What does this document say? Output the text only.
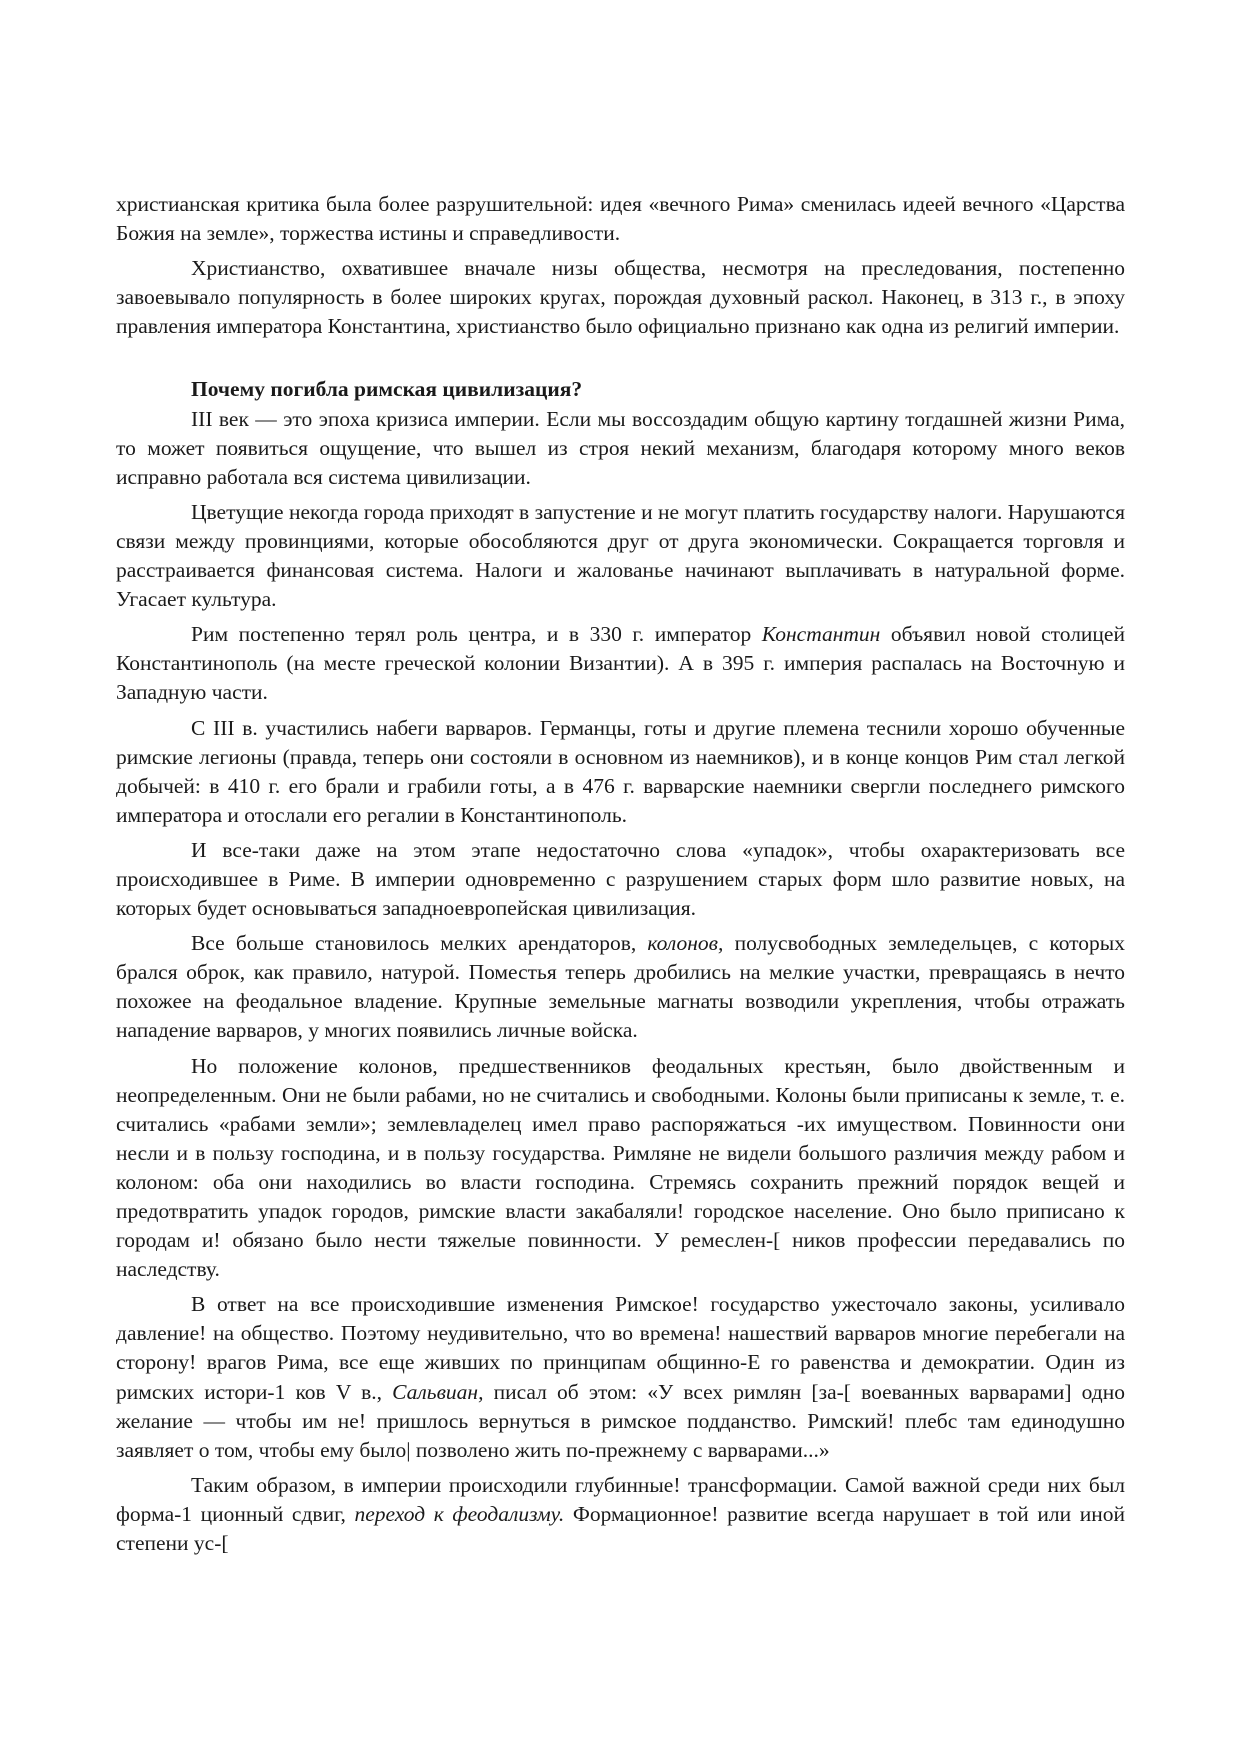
христианская критика была более разрушительной: идея «вечного Рима» сменилась идеей вечного «Царства Божия на земле», торжества истины и справедливости.

Христианство, охватившее вначале низы общества, несмотря на преследования, постепенно завоевывало популярность в более широких кругах, порождая духовный раскол. Наконец, в 313 г., в эпоху правления императора Константина, христианство было официально признано как одна из религий империи.

Почему погибла римская цивилизация?

III век — это эпоха кризиса империи. Если мы воссоздадим общую картину тогдашней жизни Рима, то может появиться ощущение, что вышел из строя некий механизм, благодаря которому много веков исправно работала вся система цивилизации.

Цветущие некогда города приходят в запустение и не могут платить государству налоги. Нарушаются связи между провинциями, которые обособляются друг от друга экономически. Сокращается торговля и расстраивается финансовая система. Налоги и жалованье начинают выплачивать в натуральной форме. Угасает культура.

Рим постепенно терял роль центра, и в 330 г. император Константин объявил новой столицей Константинополь (на месте греческой колонии Византии). А в 395 г. империя распалась на Восточную и Западную части.

С III в. участились набеги варваров. Германцы, готы и другие племена теснили хорошо обученные римские легионы (правда, теперь они состояли в основном из наемников), и в конце концов Рим стал легкой добычей: в 410 г. его брали и грабили готы, а в 476 г. варварские наемники свергли последнего римского императора и отослали его регалии в Константинополь.

И все-таки даже на этом этапе недостаточно слова «упадок», чтобы охарактеризовать все происходившее в Риме. В империи одновременно с разрушением старых форм шло развитие новых, на которых будет основываться западноевропейская цивилизация.

Все больше становилось мелких арендаторов, колонов, полусвободных земледельцев, с которых брался оброк, как правило, натурой. Поместья теперь дробились на мелкие участки, превращаясь в нечто похожее на феодальное владение. Крупные земельные магнаты возводили укрепления, чтобы отражать нападение варваров, у многих появились личные войска.

Но положение колонов, предшественников феодальных крестьян, было двойственным и неопределенным. Они не были рабами, но не считались и свободными. Колоны были приписаны к земле, т. е. считались «рабами земли»; землевладелец имел право распоряжаться -их имуществом. Повинности они несли и в пользу господина, и в пользу государства. Римляне не видели большого различия между рабом и колоном: оба они находились во власти господина. Стремясь сохранить прежний порядок вещей и предотвратить упадок городов, римские власти закабаляли! городское население. Оно было приписано к городам и! обязано было нести тяжелые повинности. У ремеслен-[ ников профессии передавались по наследству.

В ответ на все происходившие изменения Римское! государство ужесточало законы, усиливало давление! на общество. Поэтому неудивительно, что во времена! нашествий варваров многие перебегали на сторону! врагов Рима, все еще живших по принципам общинно-Е го равенства и демократии. Один из римских истори-1 ков V в., Сальвиан, писал об этом: «У всех римлян [за-[ воеванных варварами] одно желание — чтобы им не! пришлось вернуться в римское подданство. Римский! плебс там единодушно заявляет о том, чтобы ему было| позволено жить по-прежнему с варварами...»

Таким образом, в империи происходили глубинные! трансформации. Самой важной среди них был форма-1 ционный сдвиг, переход к феодализму. Формационное! развитие всегда нарушает в той или иной степени ус-[
